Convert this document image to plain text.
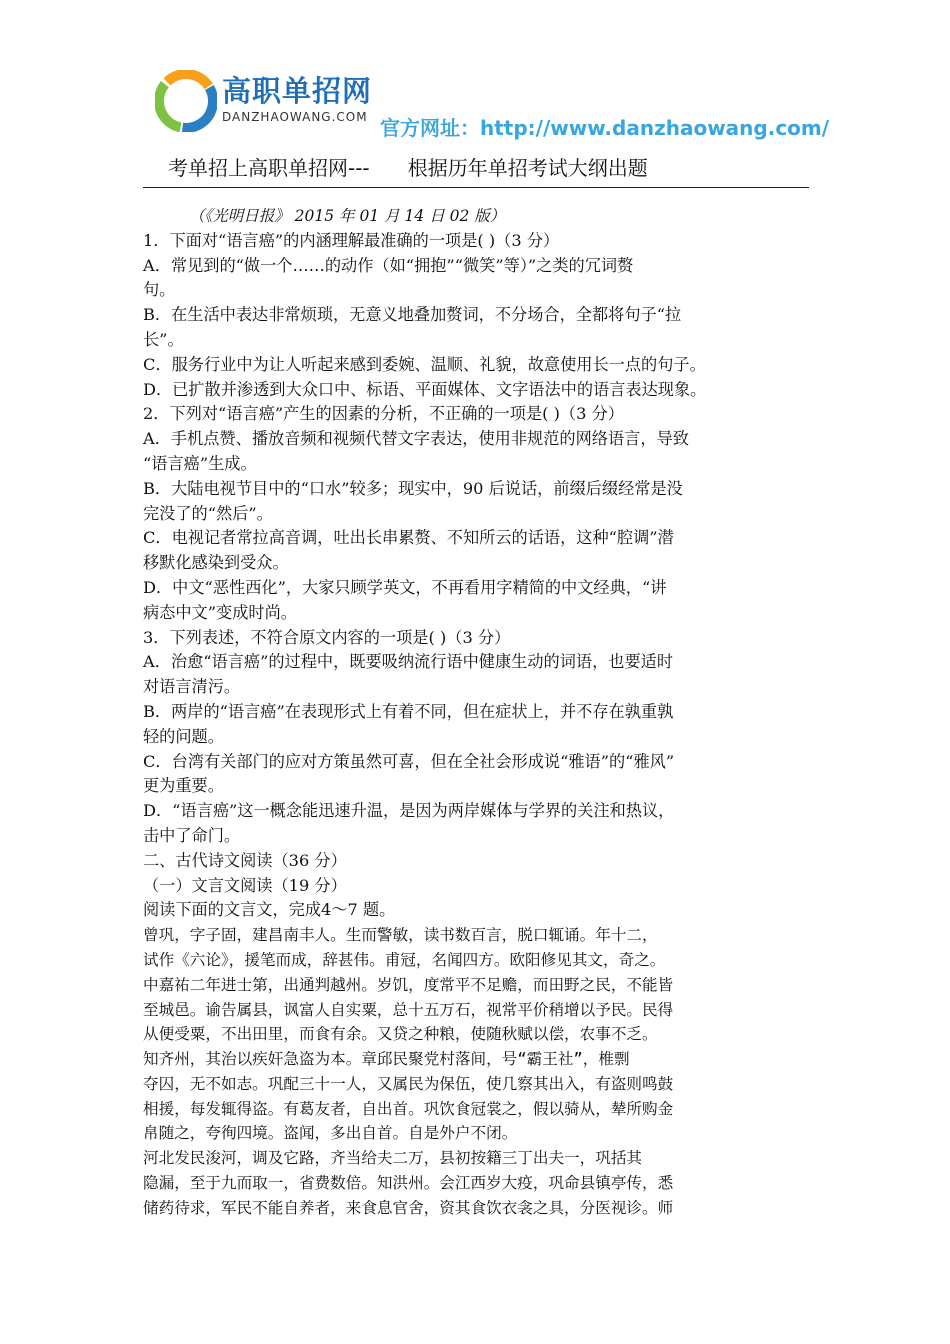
高职单招网
DANZHAOWANG.COM 官方网址：http://www.danzhaowang.com/
考单招上高职单招网---      根据历年单招考试大纲出题
（《光明日报》 2015 年 01 月 14 日 02 版）
1．下面对“语言癌”的内涵理解最准确的一项是( )（3 分）
A．常见到的“做一个……的动作（如“拥抱”“微笑”等）”之类的冗词赘
句。
B．在生活中表达非常烦琐，无意义地叠加赘词，不分场合，全都将句子“拉
长”。
C．服务行业中为让人听起来感到委婉、温顺、礼貌，故意使用长一点的句子。
D．已扩散并渗透到大众口中、标语、平面媒体、文字语法中的语言表达现象。
2．下列对“语言癌”产生的因素的分析，不正确的一项是( )（3 分）
A．手机点赞、播放音频和视频代替文字表达，使用非规范的网络语言，导致
“语言癌”生成。
B．大陆电视节目中的“口水”较多；现实中，90 后说话，前缀后缀经常是没
完没了的“然后”。
C．电视记者常拉高音调，吐出长串累赘、不知所云的话语，这种“腔调”潜
移默化感染到受众。
D．中文“恶性西化”，大家只顾学英文，不再看用字精简的中文经典，“讲
病态中文”变成时尚。
3．下列表述，不符合原文内容的一项是( )（3 分）
A．治愈“语言癌”的过程中，既要吸纳流行语中健康生动的词语，也要适时
对语言清污。
B．两岸的“语言癌”在表现形式上有着不同，但在症状上，并不存在孰重孰
轻的问题。
C．台湾有关部门的应对方策虽然可喜，但在全社会形成说“雅语”的“雅风”
更为重要。
D．“语言癌”这一概念能迅速升温，是因为两岸媒体与学界的关注和热议，
击中了命门。
二、古代诗文阅读（36 分）
（一）文言文阅读（19 分）
阅读下面的文言文，完成4～7 题。
曾巩，字子固，建昌南丰人。生而警敏，读书数百言，脱口辄诵。年十二，
试作《六论》，援笔而成，辞甚伟。甫冠，名闻四方。欧阳修见其文，奇之。
中嘉祐二年进士第，出通判越州。岁饥，度常平不足赡，而田野之民，不能皆
至城邑。谕告属县，讽富人自实粟，总十五万石，视常平价稍增以予民。民得
从便受粟，不出田里，而食有余。又贷之种粮，使随秋赋以偿，农事不乏。
知齐州，其治以疾奸急盗为本。章邱民聚党村落间，号“霸王社”，椎剽
夺囚，无不如志。巩配三十一人，又属民为保伍，使几察其出入，有盗则鸣鼓
相援，每发辄得盗。有葛友者，自出首。巩饮食冠裳之，假以骑从，辇所购金
帛随之，夸徇四境。盗闻，多出自首。自是外户不闭。
河北发民浚河，调及它路，齐当给夫二万，县初按籍三丁出夫一，巩括其
隐漏，至于九而取一，省费数倍。知洪州。会江西岁大疫，巩命县镇亭传，悉
储药待求，军民不能自养者，来食息官舍，资其食饮衣衾之具，分医视诊。师
